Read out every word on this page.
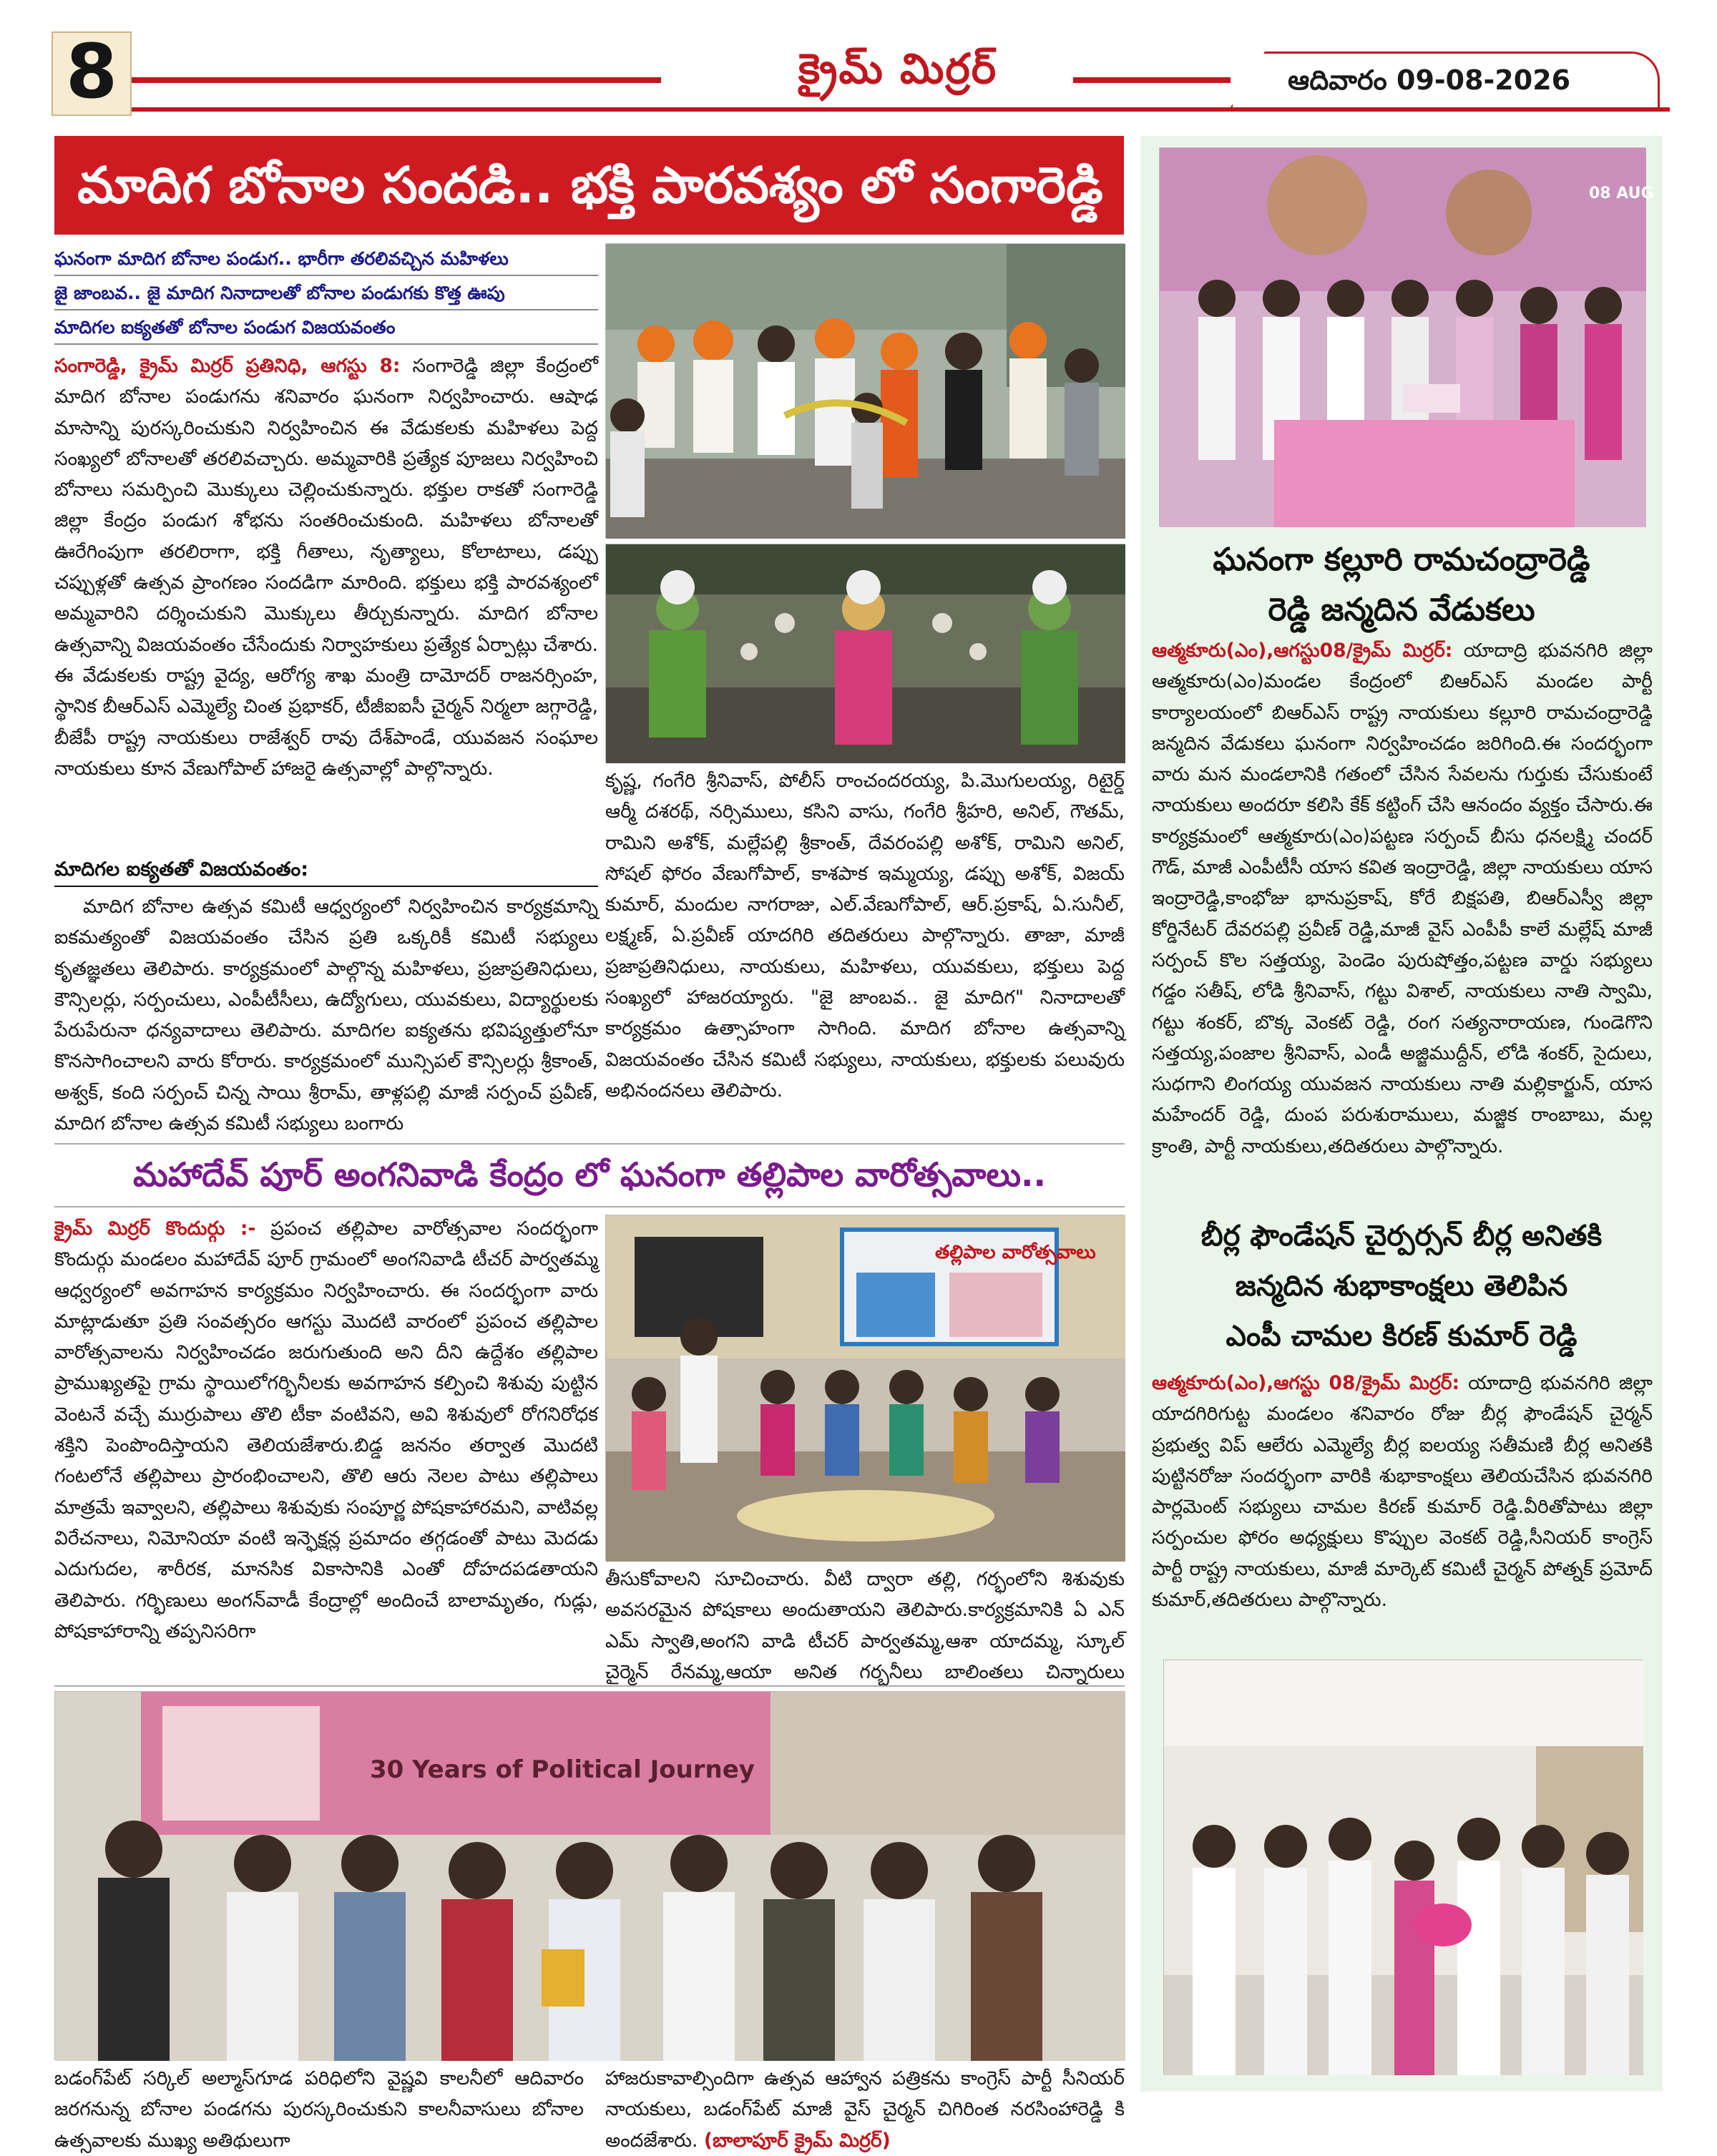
8	క్రైమ్ మిర్రర్	ఆదివారం 09-08-2026
మాదిగ బోనాల సందడి.. భక్తి పారవశ్యం లో సంగారెడ్డి
ఘనంగా మాదిగ బోనాల పండుగ.. భారీగా తరలివచ్చిన మహిళలు
జై జాంబవ.. జై మాదిగ నినాదాలతో బోనాల పండుగకు కొత్త ఊపు
మాదిగల ఐక్యతతో బోనాల పండుగ విజయవంతం
సంగారెడ్డి, క్రైమ్ మిర్రర్ ప్రతినిధి, ఆగస్టు 8: సంగారెడ్డి జిల్లా కేంద్రంలో మాదిగ బోనాల పండుగను శనివారం ఘనంగా నిర్వహించారు. ఆషాఢ మాసాన్ని పురస్కరించుకుని నిర్వహించిన ఈ వేడుకలకు మహిళలు పెద్ద సంఖ్యలో బోనాలతో తరలివచ్చారు. అమ్మవారికి ప్రత్యేక పూజలు నిర్వహించి బోనాలు సమర్పించి మొక్కులు చెల్లించుకున్నారు. భక్తుల రాకతో సంగారెడ్డి జిల్లా కేంద్రం పండుగ శోభను సంతరించుకుంది. మహిళలు బోనాలతో ఊరేగింపుగా తరలిరాగా, భక్తి గీతాలు, నృత్యాలు, కోలాటాలు, డప్పు చప్పుళ్లతో ఉత్సవ ప్రాంగణం సందడిగా మారింది. భక్తులు భక్తి పారవశ్యంలో అమ్మవారిని దర్శించుకుని మొక్కులు తీర్చుకున్నారు. మాదిగ బోనాల ఉత్సవాన్ని విజయవంతం చేసేందుకు నిర్వాహకులు ప్రత్యేక ఏర్పాట్లు చేశారు. ఈ వేడుకలకు రాష్ట్ర వైద్య, ఆరోగ్య శాఖ మంత్రి దామోదర్ రాజనర్సింహ, స్థానిక బీఆర్ఎస్ ఎమ్మెల్యే చింత ప్రభాకర్, టీజీఐఐసీ చైర్మన్ నిర్మలా జగ్గారెడ్డి, బీజేపీ రాష్ట్ర నాయకులు రాజేశ్వర్ రావు దేశ్‌పాండే, యువజన సంఘాల నాయకులు కూన వేణుగోపాల్ హాజరై ఉత్సవాల్లో పాల్గొన్నారు.
మాదిగల ఐక్యతతో విజయవంతం:
మాదిగ బోనాల ఉత్సవ కమిటీ ఆధ్వర్యంలో నిర్వహించిన కార్యక్రమాన్ని ఐకమత్యంతో విజయవంతం చేసిన ప్రతి ఒక్కరికీ కమిటీ సభ్యులు కృతజ్ఞతలు తెలిపారు. కార్యక్రమంలో పాల్గొన్న మహిళలు, ప్రజాప్రతినిధులు, కౌన్సిలర్లు, సర్పంచులు, ఎంపీటీసీలు, ఉద్యోగులు, యువకులు, విద్యార్థులకు పేరుపేరునా ధన్యవాదాలు తెలిపారు. మాదిగల ఐక్యతను భవిష్యత్తులోనూ కొనసాగించాలని వారు కోరారు. కార్యక్రమంలో మున్సిపల్ కౌన్సిలర్లు శ్రీకాంత్, అశ్వక్, కంది సర్పంచ్ చిన్న సాయి శ్రీరామ్, తాళ్లపల్లి మాజీ సర్పంచ్ ప్రవీణ్, మాదిగ బోనాల ఉత్సవ కమిటీ సభ్యులు బంగారు
కృష్ణ, గంగేరి శ్రీనివాస్, పోలీస్ రాంచందరయ్య, పి.మొగులయ్య, రిటైర్డ్ ఆర్మీ దశరథ్, నర్సిములు, కసిని వాసు, గంగేరి శ్రీహరి, అనిల్, గౌతమ్, రామిని అశోక్, మల్లేపల్లి శ్రీకాంత్, దేవరంపల్లి అశోక్, రామిని అనిల్, సోషల్ ఫోరం వేణుగోపాల్, కాశపాక ఇమ్మయ్య, డప్పు అశోక్, విజయ్ కుమార్, మందుల నాగరాజు, ఎల్.వేణుగోపాల్, ఆర్.ప్రకాష్, ఏ.సునీల్, లక్ష్మణ్, ఏ.ప్రవీణ్ యాదగిరి తదితరులు పాల్గొన్నారు. తాజా, మాజీ ప్రజాప్రతినిధులు, నాయకులు, మహిళలు, యువకులు, భక్తులు పెద్ద సంఖ్యలో హాజరయ్యారు. "జై జాంబవ.. జై మాదిగ" నినాదాలతో కార్యక్రమం ఉత్సాహంగా సాగింది. మాదిగ బోనాల ఉత్సవాన్ని విజయవంతం చేసిన కమిటీ సభ్యులు, నాయకులు, భక్తులకు పలువురు అభినందనలు తెలిపారు.
మహాదేవ్ పూర్ అంగనివాడి కేంద్రం లో ఘనంగా తల్లిపాల వారోత్సవాలు..
క్రైమ్ మిర్రర్ కొందుర్గు :- ప్రపంచ తల్లిపాల వారోత్సవాల సందర్భంగా కొందుర్గు మండలం మహాదేవ్ పూర్ గ్రామంలో అంగనివాడి టీచర్ పార్వతమ్మ ఆధ్వర్యంలో అవగాహన కార్యక్రమం నిర్వహించారు. ఈ సందర్భంగా వారు మాట్లాడుతూ ప్రతి సంవత్సరం ఆగస్టు మొదటి వారంలో ప్రపంచ తల్లిపాల వారోత్సవాలను నిర్వహించడం జరుగుతుంది అని దీని ఉద్దేశం తల్లిపాల ప్రాముఖ్యతపై గ్రామ స్థాయిలోగర్భినీలకు అవగాహన కల్పించి శిశువు పుట్టిన వెంటనే వచ్చే ముర్రుపాలు తొలి టీకా వంటివని, అవి శిశువులో రోగనిరోధక శక్తిని పెంపొందిస్తాయని తెలియజేశారు.బిడ్డ జననం తర్వాత మొదటి గంటలోనే తల్లిపాలు ప్రారంభించాలని, తొలి ఆరు నెలల పాటు తల్లిపాలు మాత్రమే ఇవ్వాలని, తల్లిపాలు శిశువుకు సంపూర్ణ పోషకాహారమని, వాటివల్ల విరేచనాలు, నిమోనియా వంటి ఇన్ఫెక్షన్ల ప్రమాదం తగ్గడంతో పాటు మెదడు ఎదుగుదల, శారీరక, మానసిక వికాసానికి ఎంతో దోహదపడతాయని తెలిపారు. గర్భిణులు అంగన్‌వాడీ కేంద్రాల్లో అందించే బాలామృతం, గుడ్లు, పోషకాహారాన్ని తప్పనిసరిగా
తల్లిపాల వారోత్సవాలు
తీసుకోవాలని సూచించారు. వీటి ద్వారా తల్లి, గర్భంలోని శిశువుకు అవసరమైన పోషకాలు అందుతాయని తెలిపారు.కార్యక్రమానికి ఏ ఎన్ ఎమ్ స్వాతి,అంగని వాడి టీచర్ పార్వతమ్మ,ఆశా యాదమ్మ, స్కూల్ చైర్మెన్ రేనమ్మ,ఆయా అనిత గర్భనీలు బాలింతలు చిన్నారులు
30 Years of Political Journey
బడంగ్‌పేట్ సర్కిల్ అల్మాస్‌గూడ పరిధిలోని వైష్ణవి కాలనీలో ఆదివారం జరగనున్న బోనాల పండగను పురస్కరించుకుని కాలనీవాసులు బోనాల ఉత్సవాలకు ముఖ్య అతిథులుగా
హాజరుకావాల్సిందిగా ఉత్సవ ఆహ్వాన పత్రికను కాంగ్రెస్ పార్టీ సీనియర్ నాయకులు, బడంగ్‌పేట్ మాజీ వైస్ చైర్మన్ చిగిరింత నరసింహారెడ్డి కి అందజేశారు. (బాలాపూర్ క్రైమ్ మిర్రర్)
08 AUG
ఘనంగా కల్లూరి రామచంద్రారెడ్డి
రెడ్డి జన్మదిన వేడుకలు
ఆత్మకూరు(ఎం),ఆగస్టు08/క్రైమ్ మిర్రర్: యాదాద్రి భువనగిరి జిల్లా ఆత్మకూరు(ఎం)మండల కేంద్రంలో బిఆర్ఎస్ మండల పార్టీ కార్యాలయంలో బిఆర్ఎస్ రాష్ట్ర నాయకులు కల్లూరి రామచంద్రారెడ్డి జన్మదిన వేడుకలు ఘనంగా నిర్వహించడం జరిగింది.ఈ సందర్భంగా వారు మన మండలానికి గతంలో చేసిన సేవలను గుర్తుకు చేసుకుంటే నాయకులు అందరూ కలిసి కేక్ కట్టింగ్ చేసి ఆనందం వ్యక్తం చేసారు.ఈ కార్యక్రమంలో ఆత్మకూరు(ఎం)పట్టణ సర్పంచ్ బీసు ధనలక్ష్మి చందర్ గౌడ్, మాజీ ఎంపీటీసీ యాస కవిత ఇంద్రారెడ్డి, జిల్లా నాయకులు యాస ఇంద్రారెడ్డి,కాంభోజు భానుప్రకాష్, కోరే బిక్షపతి, బిఆర్ఎస్వీ జిల్లా కోర్డినేటర్ దేవరపల్లి ప్రవీణ్ రెడ్డి,మాజీ వైస్ ఎంపీపీ కాలే మల్లేష్ మాజీ సర్పంచ్ కొల సత్తయ్య, పెండెం పురుషోత్తం,పట్టణ వార్డు సభ్యులు గడ్డం సతీష్, లోడి శ్రీనివాస్, గట్టు విశాల్, నాయకులు నాతి స్వామి, గట్టు శంకర్, బొక్క వెంకట్ రెడ్డి, రంగ సత్యనారాయణ, గుండెగొని సత్తయ్య,పంజాల శ్రీనివాస్, ఎండీ అజ్జిముద్దీన్, లోడి శంకర్, సైదులు, సుధగాని లింగయ్య యువజన నాయకులు నాతి మల్లికార్జున్, యాస మహేందర్ రెడ్డి, దుంప పరుశురాములు, మజ్జిక రాంబాబు, మల్ల క్రాంతి, పార్టీ నాయకులు,తదితరులు పాల్గొన్నారు.
బీర్ల ఫౌండేషన్ చైర్పర్సన్ బీర్ల అనితకి
జన్మదిన శుభాకాంక్షలు తెలిపిన
ఎంపీ చామల కిరణ్ కుమార్ రెడ్డి
ఆత్మకూరు(ఎం),ఆగస్టు 08/క్రైమ్ మిర్రర్: యాదాద్రి భువనగిరి జిల్లా యాదగిరిగుట్ట మండలం శనివారం రోజు బీర్ల ఫౌండేషన్ చైర్మన్ ప్రభుత్వ విప్ ఆలేరు ఎమ్మెల్యే బీర్ల ఐలయ్య సతీమణి బీర్ల అనితకి పుట్టినరోజు సందర్భంగా వారికి శుభాకాంక్షలు తెలియచేసిన భువనగిరి పార్లమెంట్ సభ్యులు చామల కిరణ్ కుమార్ రెడ్డి.వీరితోపాటు జిల్లా సర్పంచుల ఫోరం అధ్యక్షులు కొప్పుల వెంకట్ రెడ్డి,సీనియర్ కాంగ్రెస్ పార్టీ రాష్ట్ర నాయకులు, మాజీ మార్కెట్ కమిటీ చైర్మన్ పోత్నక్ ప్రమోద్ కుమార్,తదితరులు పాల్గొన్నారు.
